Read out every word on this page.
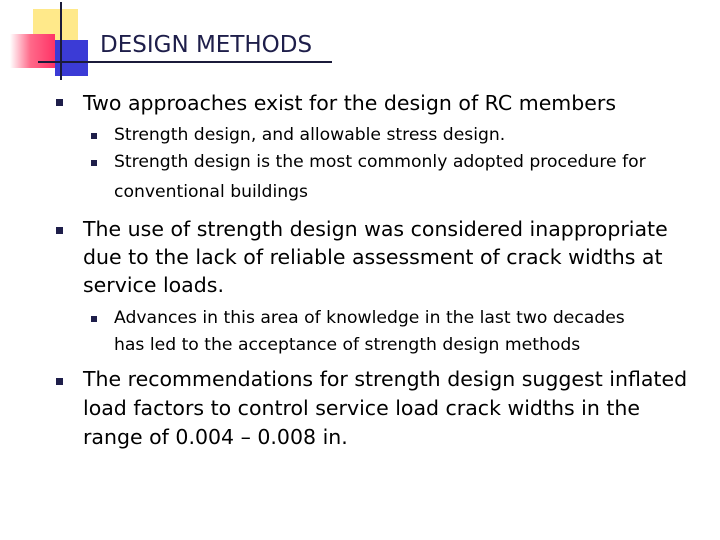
DESIGN METHODS
Two approaches exist for the design of RC members
Strength design, and allowable stress design.
Strength design is the most commonly adopted procedure for
conventional buildings
The use of strength design was considered inappropriate
due to the lack of reliable assessment of crack widths at
service loads.
Advances in this area of knowledge in the last two decades
has led to the acceptance of strength design methods
The recommendations for strength design suggest inflated
load factors to control service load crack widths in the
range of 0.004 – 0.008 in.
